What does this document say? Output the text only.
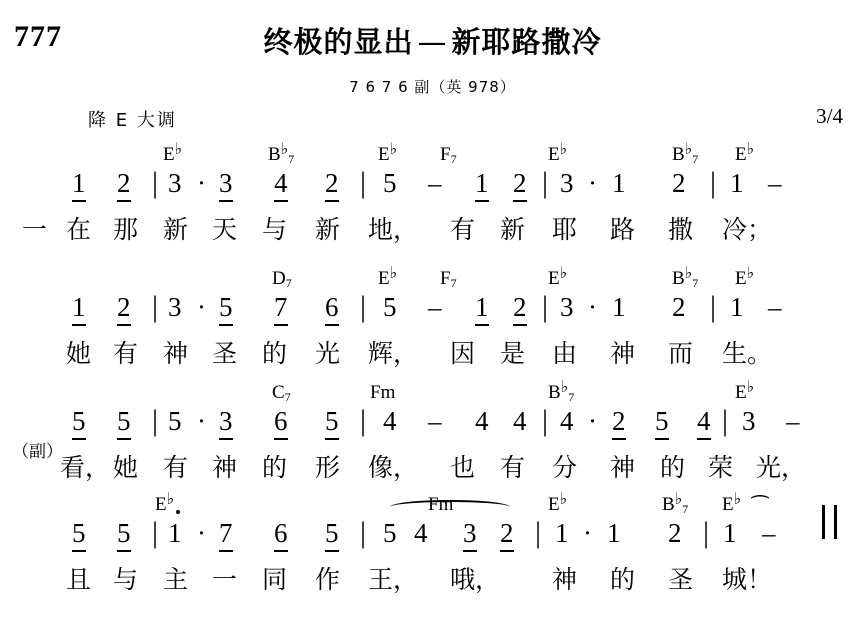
777	终极的显出 — 新耶路撒冷
7 6 7 6 副（英 978）
降 E 大调	3/4
E♭	$B^♭_7$	E♭ $F_7$	E♭	$B^♭_7$ E♭
1 2 | 3 · 3 4 2 | 5 – 1 2 | 3 · 1 2 | 1 –
一 在 那 新 天 与 新 地， 有 新 耶 路 撒 冷；
$D_7$	E♭ $F_7$	E♭	$B^♭_7$ E♭
1 2 | 3 · 5 7 6 | 5 – 1 2 | 3 · 1 2 | 1 –
她 有 神 圣 的 光 辉， 因 是 由 神 而 生。
$C_7$	Fm	$B^♭_7$	E♭
5 5 | 5 · 3 6 5 | 4 – 4 4 | 4 · 2 5 4 | 3 –
看， 她 有 神 的 形 像， 也 有 分 神 的 荣 光，
（副）
E♭	Fm	E♭	$B^♭_7$ E♭
5 5 | 1 · 7 6 5 | 5 4 3 2 | 1 · 1 2 | 1 –
且 与 主 一 同 作 王， 哦， 神 的 圣 城！
⁀
